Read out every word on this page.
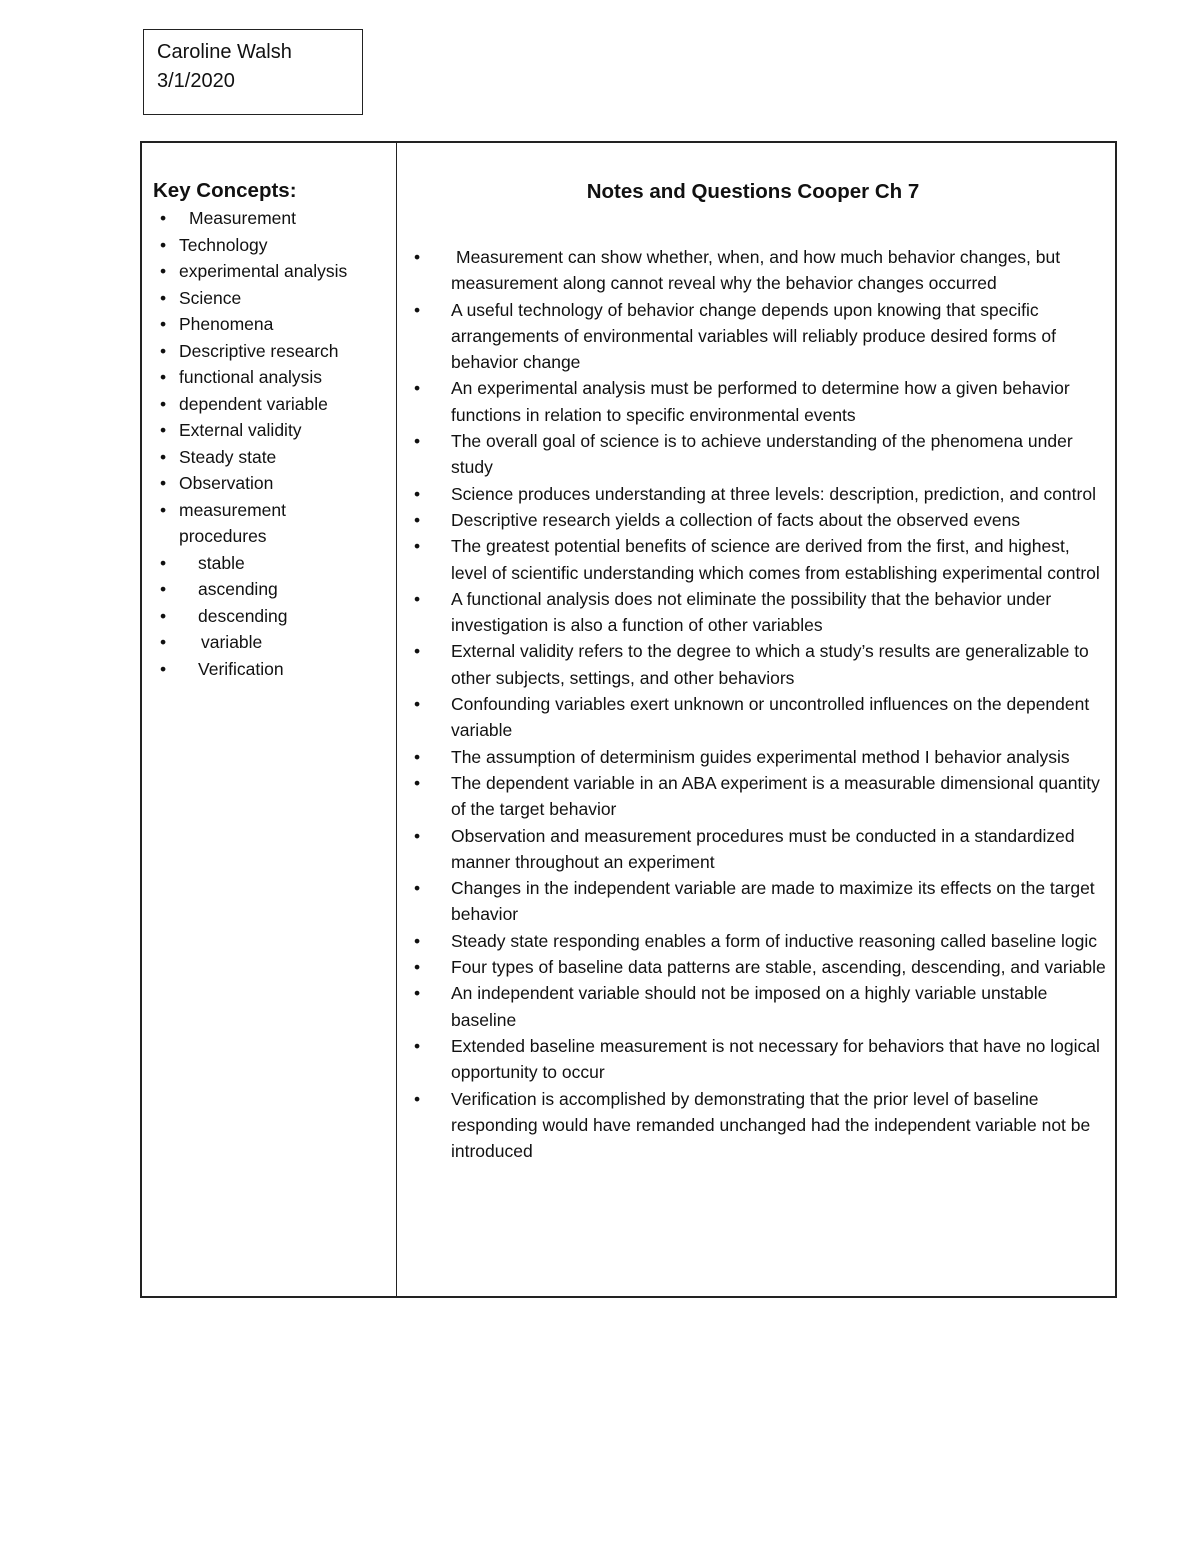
Caroline Walsh
3/1/2020
Key Concepts:
• Measurement
• Technology
• experimental analysis
• Science
• Phenomena
• Descriptive research
• functional analysis
• dependent variable
• External validity
• Steady state
• Observation
• measurement procedures
• stable
• ascending
• descending
• variable
• Verification
Notes and Questions Cooper Ch 7
• Measurement can show whether, when, and how much behavior changes, but measurement along cannot reveal why the behavior changes occurred
• A useful technology of behavior change depends upon knowing that specific arrangements of environmental variables will reliably produce desired forms of behavior change
• An experimental analysis must be performed to determine how a given behavior functions in relation to specific environmental events
• The overall goal of science is to achieve understanding of the phenomena under study
• Science produces understanding at three levels: description, prediction, and control
• Descriptive research yields a collection of facts about the observed evens
• The greatest potential benefits of science are derived from the first, and highest, level of scientific understanding which comes from establishing experimental control
• A functional analysis does not eliminate the possibility that the behavior under investigation is also a function of other variables
• External validity refers to the degree to which a study’s results are generalizable to other subjects, settings, and other behaviors
• Confounding variables exert unknown or uncontrolled influences on the dependent variable
• The assumption of determinism guides experimental method I behavior analysis
• The dependent variable in an ABA experiment is a measurable dimensional quantity of the target behavior
• Observation and measurement procedures must be conducted in a standardized manner throughout an experiment
• Changes in the independent variable are made to maximize its effects on the target behavior
• Steady state responding enables a form of inductive reasoning called baseline logic
• Four types of baseline data patterns are stable, ascending, descending, and variable
• An independent variable should not be imposed on a highly variable unstable baseline
• Extended baseline measurement is not necessary for behaviors that have no logical opportunity to occur
• Verification is accomplished by demonstrating that the prior level of baseline responding would have remanded unchanged had the independent variable not be introduced
